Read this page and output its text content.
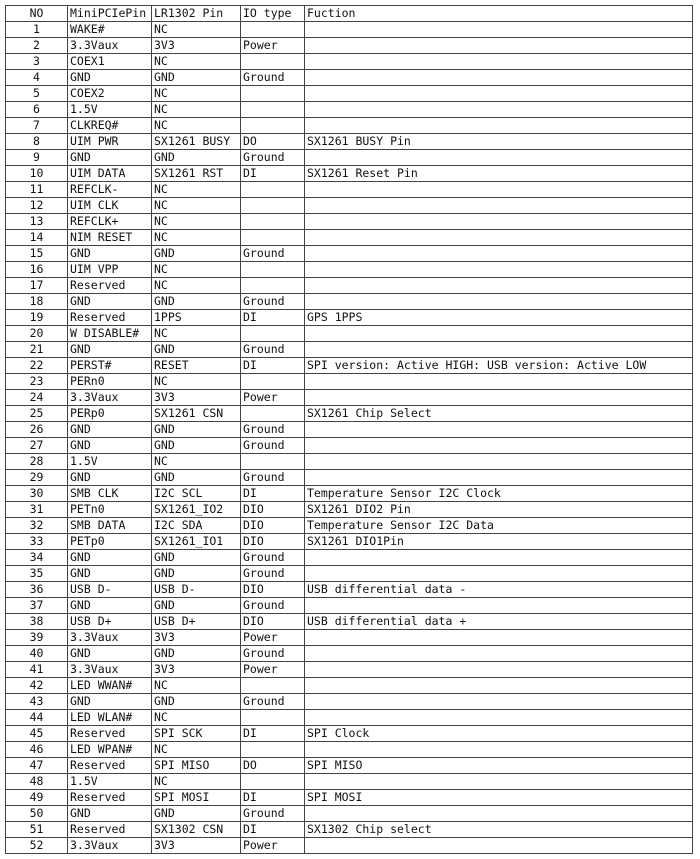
NO	MiniPCIePin	LR1302 Pin	IO type	Fuction
1	WAKE#	NC		
2	3.3Vaux	3V3	Power	
3	COEX1	NC		
4	GND	GND	Ground	
5	COEX2	NC		
6	1.5V	NC		
7	CLKREQ#	NC		
8	UIM PWR	SX1261 BUSY	DO	SX1261 BUSY Pin
9	GND	GND	Ground	
10	UIM DATA	SX1261 RST	DI	SX1261 Reset Pin
11	REFCLK-	NC		
12	UIM CLK	NC		
13	REFCLK+	NC		
14	NIM RESET	NC		
15	GND	GND	Ground	
16	UIM VPP	NC		
17	Reserved	NC		
18	GND	GND	Ground	
19	Reserved	1PPS	DI	GPS 1PPS
20	W DISABLE#	NC		
21	GND	GND	Ground	
22	PERST#	RESET	DI	SPI version: Active HIGH: USB version: Active LOW
23	PERn0	NC		
24	3.3Vaux	3V3	Power	
25	PERp0	SX1261 CSN		SX1261 Chip Select
26	GND	GND	Ground	
27	GND	GND	Ground	
28	1.5V	NC		
29	GND	GND	Ground	
30	SMB CLK	I2C SCL	DI	Temperature Sensor I2C Clock
31	PETn0	SX1261_IO2	DIO	SX1261 DIO2 Pin
32	SMB DATA	I2C SDA	DIO	Temperature Sensor I2C Data
33	PETp0	SX1261_IO1	DIO	SX1261 DIO1Pin
34	GND	GND	Ground	
35	GND	GND	Ground	
36	USB D-	USB D-	DIO	USB differential data -
37	GND	GND	Ground	
38	USB D+	USB D+	DIO	USB differential data +
39	3.3Vaux	3V3	Power	
40	GND	GND	Ground	
41	3.3Vaux	3V3	Power	
42	LED WWAN#	NC		
43	GND	GND	Ground	
44	LED WLAN#	NC		
45	Reserved	SPI SCK	DI	SPI Clock
46	LED WPAN#	NC		
47	Reserved	SPI MISO	DO	SPI MISO
48	1.5V	NC		
49	Reserved	SPI MOSI	DI	SPI MOSI
50	GND	GND	Ground	
51	Reserved	SX1302 CSN	DI	SX1302 Chip select
52	3.3Vaux	3V3	Power	
